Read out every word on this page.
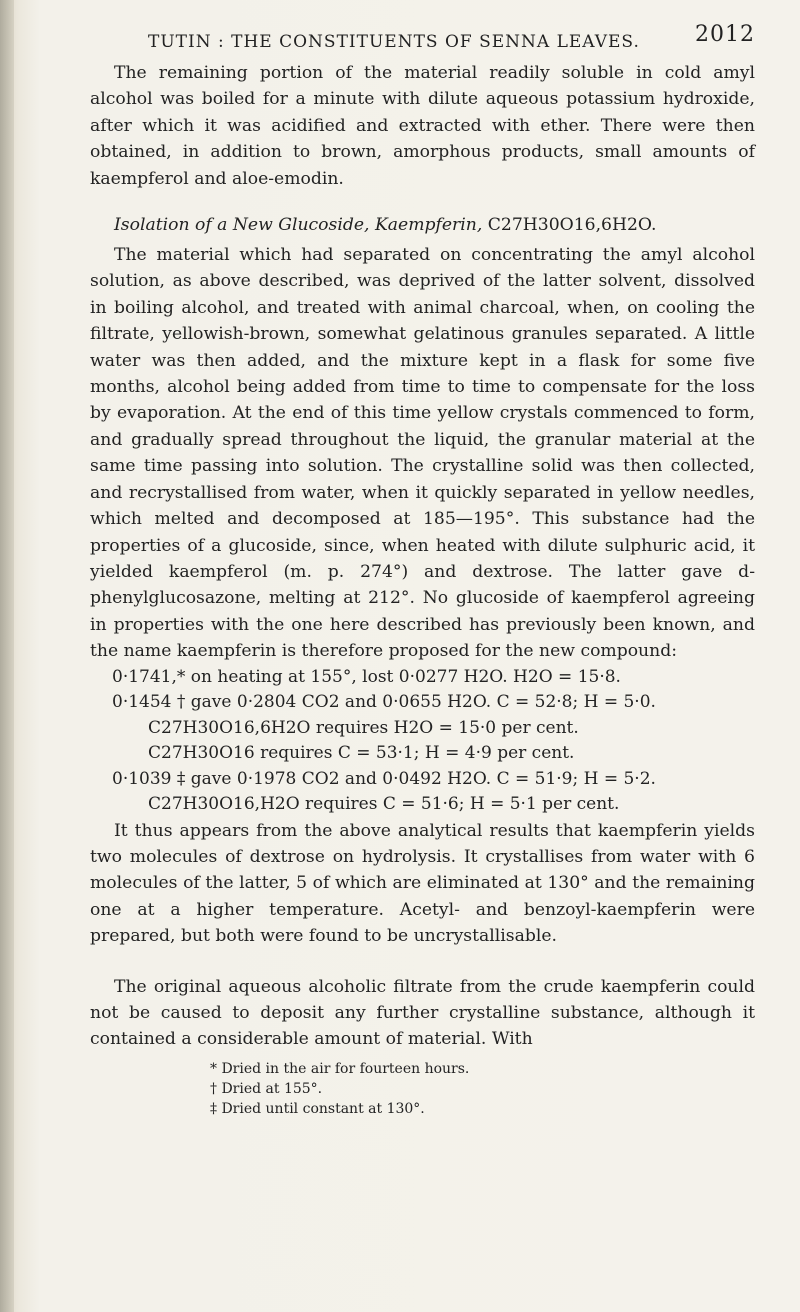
TUTIN : THE CONSTITUENTS OF SENNA LEAVES.	2012

The remaining portion of the material readily soluble in cold amyl alcohol was boiled for a minute with dilute aqueous potassium hydroxide, after which it was acidified and extracted with ether. There were then obtained, in addition to brown, amorphous products, small amounts of kaempferol and aloe-emodin.

Isolation of a New Glucoside, Kaempferin, C27H30O16,6H2O.

The material which had separated on concentrating the amyl alcohol solution, as above described, was deprived of the latter solvent, dissolved in boiling alcohol, and treated with animal charcoal, when, on cooling the filtrate, yellowish-brown, somewhat gelatinous granules separated. A little water was then added, and the mixture kept in a flask for some five months, alcohol being added from time to time to compensate for the loss by evaporation. At the end of this time yellow crystals commenced to form, and gradually spread throughout the liquid, the granular material at the same time passing into solution. The crystalline solid was then collected, and recrystallised from water, when it quickly separated in yellow needles, which melted and decomposed at 185—195°. This substance had the properties of a glucoside, since, when heated with dilute sulphuric acid, it yielded kaempferol (m. p. 274°) and dextrose. The latter gave d-phenylglucosazone, melting at 212°. No glucoside of kaempferol agreeing in properties with the one here described has previously been known, and the name kaempferin is therefore proposed for the new compound:

0·1741,* on heating at 155°, lost 0·0277 H2O. H2O = 15·8.

0·1454 † gave 0·2804 CO2 and 0·0655 H2O. C = 52·8; H = 5·0.

C27H30O16,6H2O requires H2O = 15·0 per cent.

C27H30O16 requires C = 53·1; H = 4·9 per cent.

0·1039 ‡ gave 0·1978 CO2 and 0·0492 H2O. C = 51·9; H = 5·2.

C27H30O16,H2O requires C = 51·6; H = 5·1 per cent.

It thus appears from the above analytical results that kaempferin yields two molecules of dextrose on hydrolysis. It crystallises from water with 6 molecules of the latter, 5 of which are eliminated at 130° and the remaining one at a higher temperature. Acetyl- and benzoyl-kaempferin were prepared, but both were found to be uncrystallisable.

The original aqueous alcoholic filtrate from the crude kaempferin could not be caused to deposit any further crystalline substance, although it contained a considerable amount of material. With

* Dried in the air for fourteen hours.
† Dried at 155°.
‡ Dried until constant at 130°.
